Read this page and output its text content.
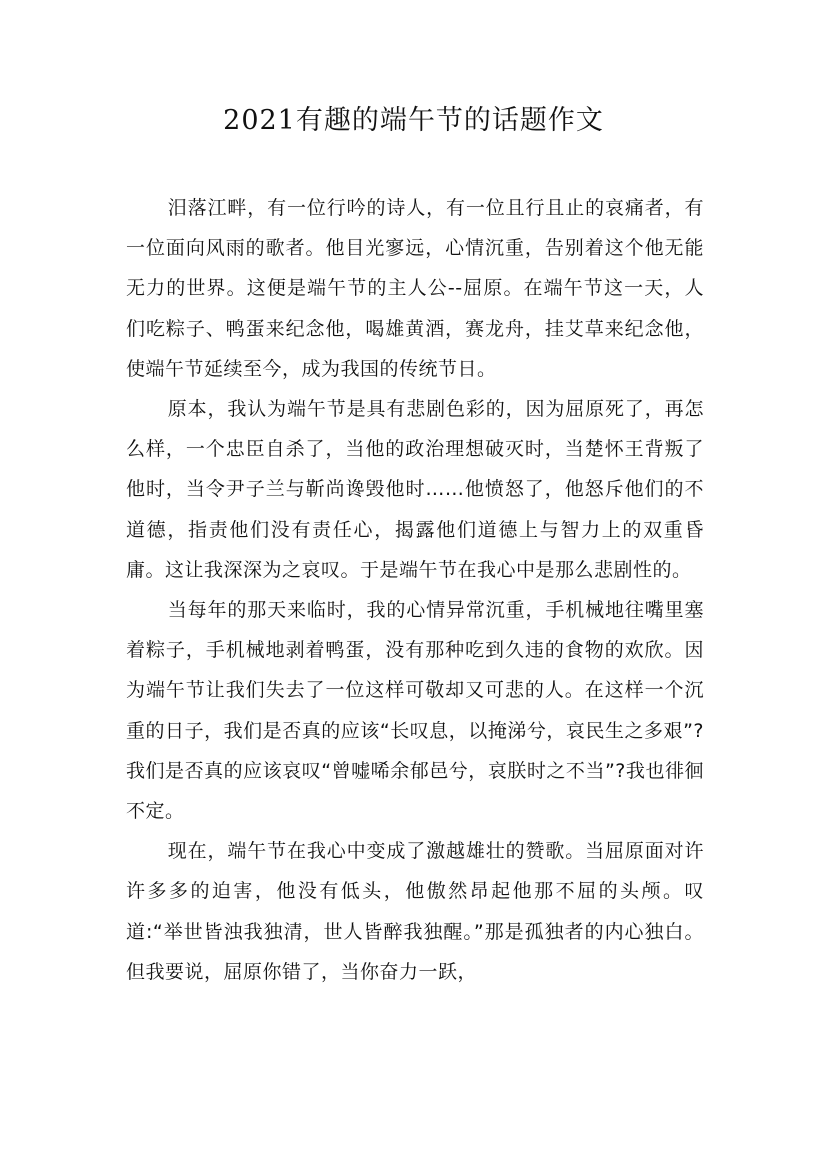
2021有趣的端午节的话题作文

汨落江畔，有一位行吟的诗人，有一位且行且止的哀痛者，有一位面向风雨的歌者。他目光寥远，心情沉重，告别着这个他无能无力的世界。这便是端午节的主人公--屈原。在端午节这一天，人们吃粽子、鸭蛋来纪念他，喝雄黄酒，赛龙舟，挂艾草来纪念他，使端午节延续至今，成为我国的传统节日。

原本，我认为端午节是具有悲剧色彩的，因为屈原死了，再怎么样，一个忠臣自杀了，当他的政治理想破灭时，当楚怀王背叛了他时，当令尹子兰与靳尚谗毁他时……他愤怒了，他怒斥他们的不道德，指责他们没有责任心，揭露他们道德上与智力上的双重昏庸。这让我深深为之哀叹。于是端午节在我心中是那么悲剧性的。

当每年的那天来临时，我的心情异常沉重，手机械地往嘴里塞着粽子，手机械地剥着鸭蛋，没有那种吃到久违的食物的欢欣。因为端午节让我们失去了一位这样可敬却又可悲的人。在这样一个沉重的日子，我们是否真的应该“长叹息，以掩涕兮，哀民生之多艰”?我们是否真的应该哀叹“曾嘘唏余郁邑兮，哀朕时之不当”?我也徘徊不定。

现在，端午节在我心中变成了激越雄壮的赞歌。当屈原面对许许多多的迫害，他没有低头，他傲然昂起他那不屈的头颅。叹道:“举世皆浊我独清，世人皆醉我独醒。”那是孤独者的内心独白。但我要说，屈原你错了，当你奋力一跃，
